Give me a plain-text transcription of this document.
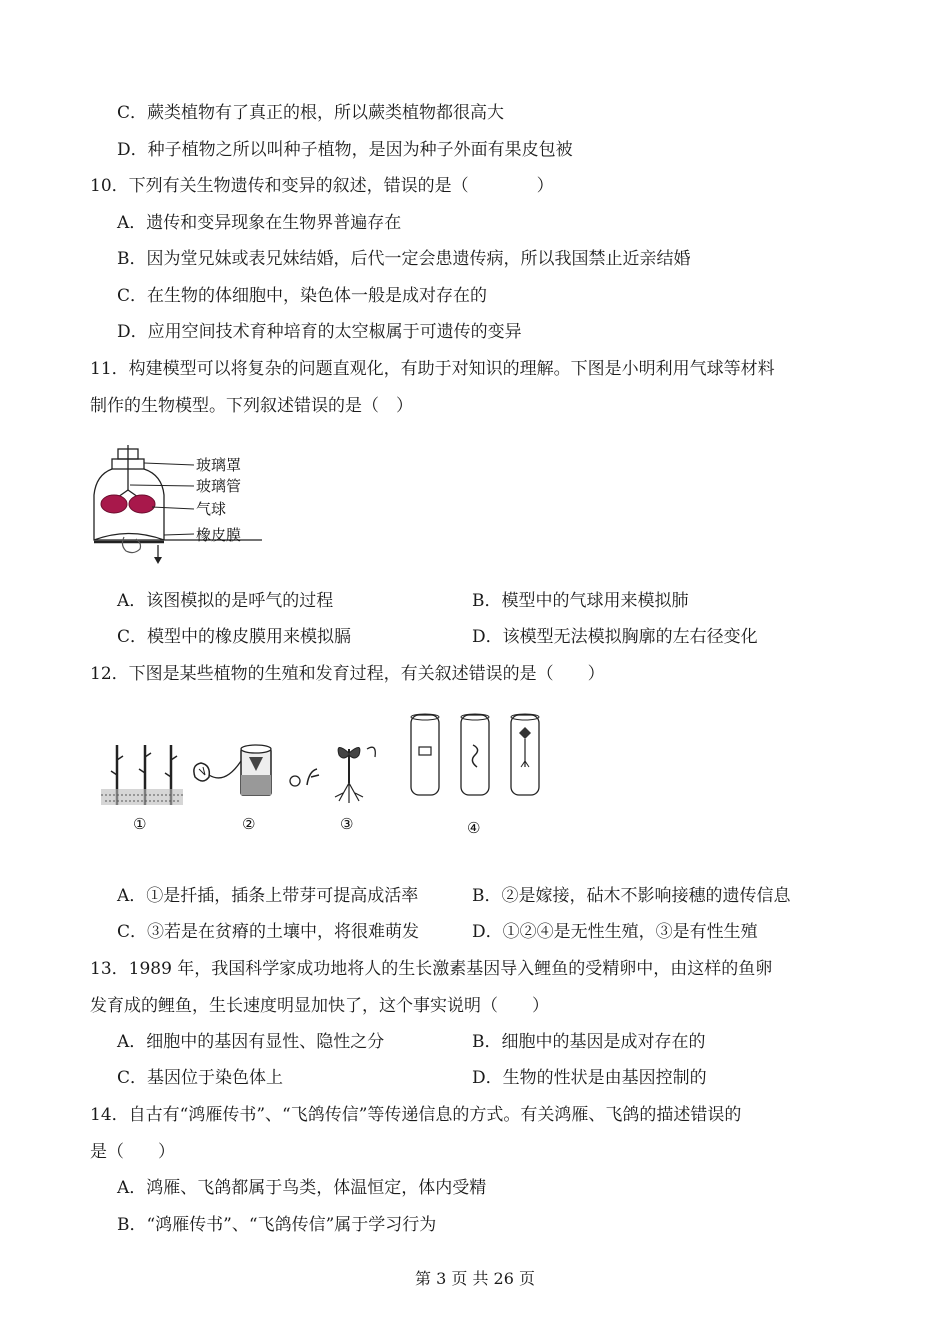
C．蕨类植物有了真正的根，所以蕨类植物都很高大
D．种子植物之所以叫种子植物，是因为种子外面有果皮包被
10．下列有关生物遗传和变异的叙述，错误的是（　　　　）
A．遗传和变异现象在生物界普遍存在
B．因为堂兄妹或表兄妹结婚，后代一定会患遗传病，所以我国禁止近亲结婚
C．在生物的体细胞中，染色体一般是成对存在的
D．应用空间技术育种培育的太空椒属于可遗传的变异
11．构建模型可以将复杂的问题直观化，有助于对知识的理解。下图是小明利用气球等材料
制作的生物模型。下列叙述错误的是（　）
玻璃罩
玻璃管
气球
橡皮膜
A．该图模拟的是呼气的过程	B．模型中的气球用来模拟肺
C．模型中的橡皮膜用来模拟膈	D．该模型无法模拟胸廓的左右径变化
12．下图是某些植物的生殖和发育过程，有关叙述错误的是（　　）
①	②	③	④
A．①是扦插，插条上带芽可提高成活率	B．②是嫁接，砧木不影响接穗的遗传信息
C．③若是在贫瘠的土壤中，将很难萌发	D．①②④是无性生殖，③是有性生殖
13．1989 年，我国科学家成功地将人的生长激素基因导入鲤鱼的受精卵中，由这样的鱼卵
发育成的鲤鱼，生长速度明显加快了，这个事实说明（　　）
A．细胞中的基因有显性、隐性之分	B．细胞中的基因是成对存在的
C．基因位于染色体上	D．生物的性状是由基因控制的
14．自古有“鸿雁传书”、“飞鸽传信”等传递信息的方式。有关鸿雁、飞鸽的描述错误的
是（　　）
A．鸿雁、飞鸽都属于鸟类，体温恒定，体内受精
B．“鸿雁传书”、“飞鸽传信”属于学习行为
第 3 页 共 26 页
